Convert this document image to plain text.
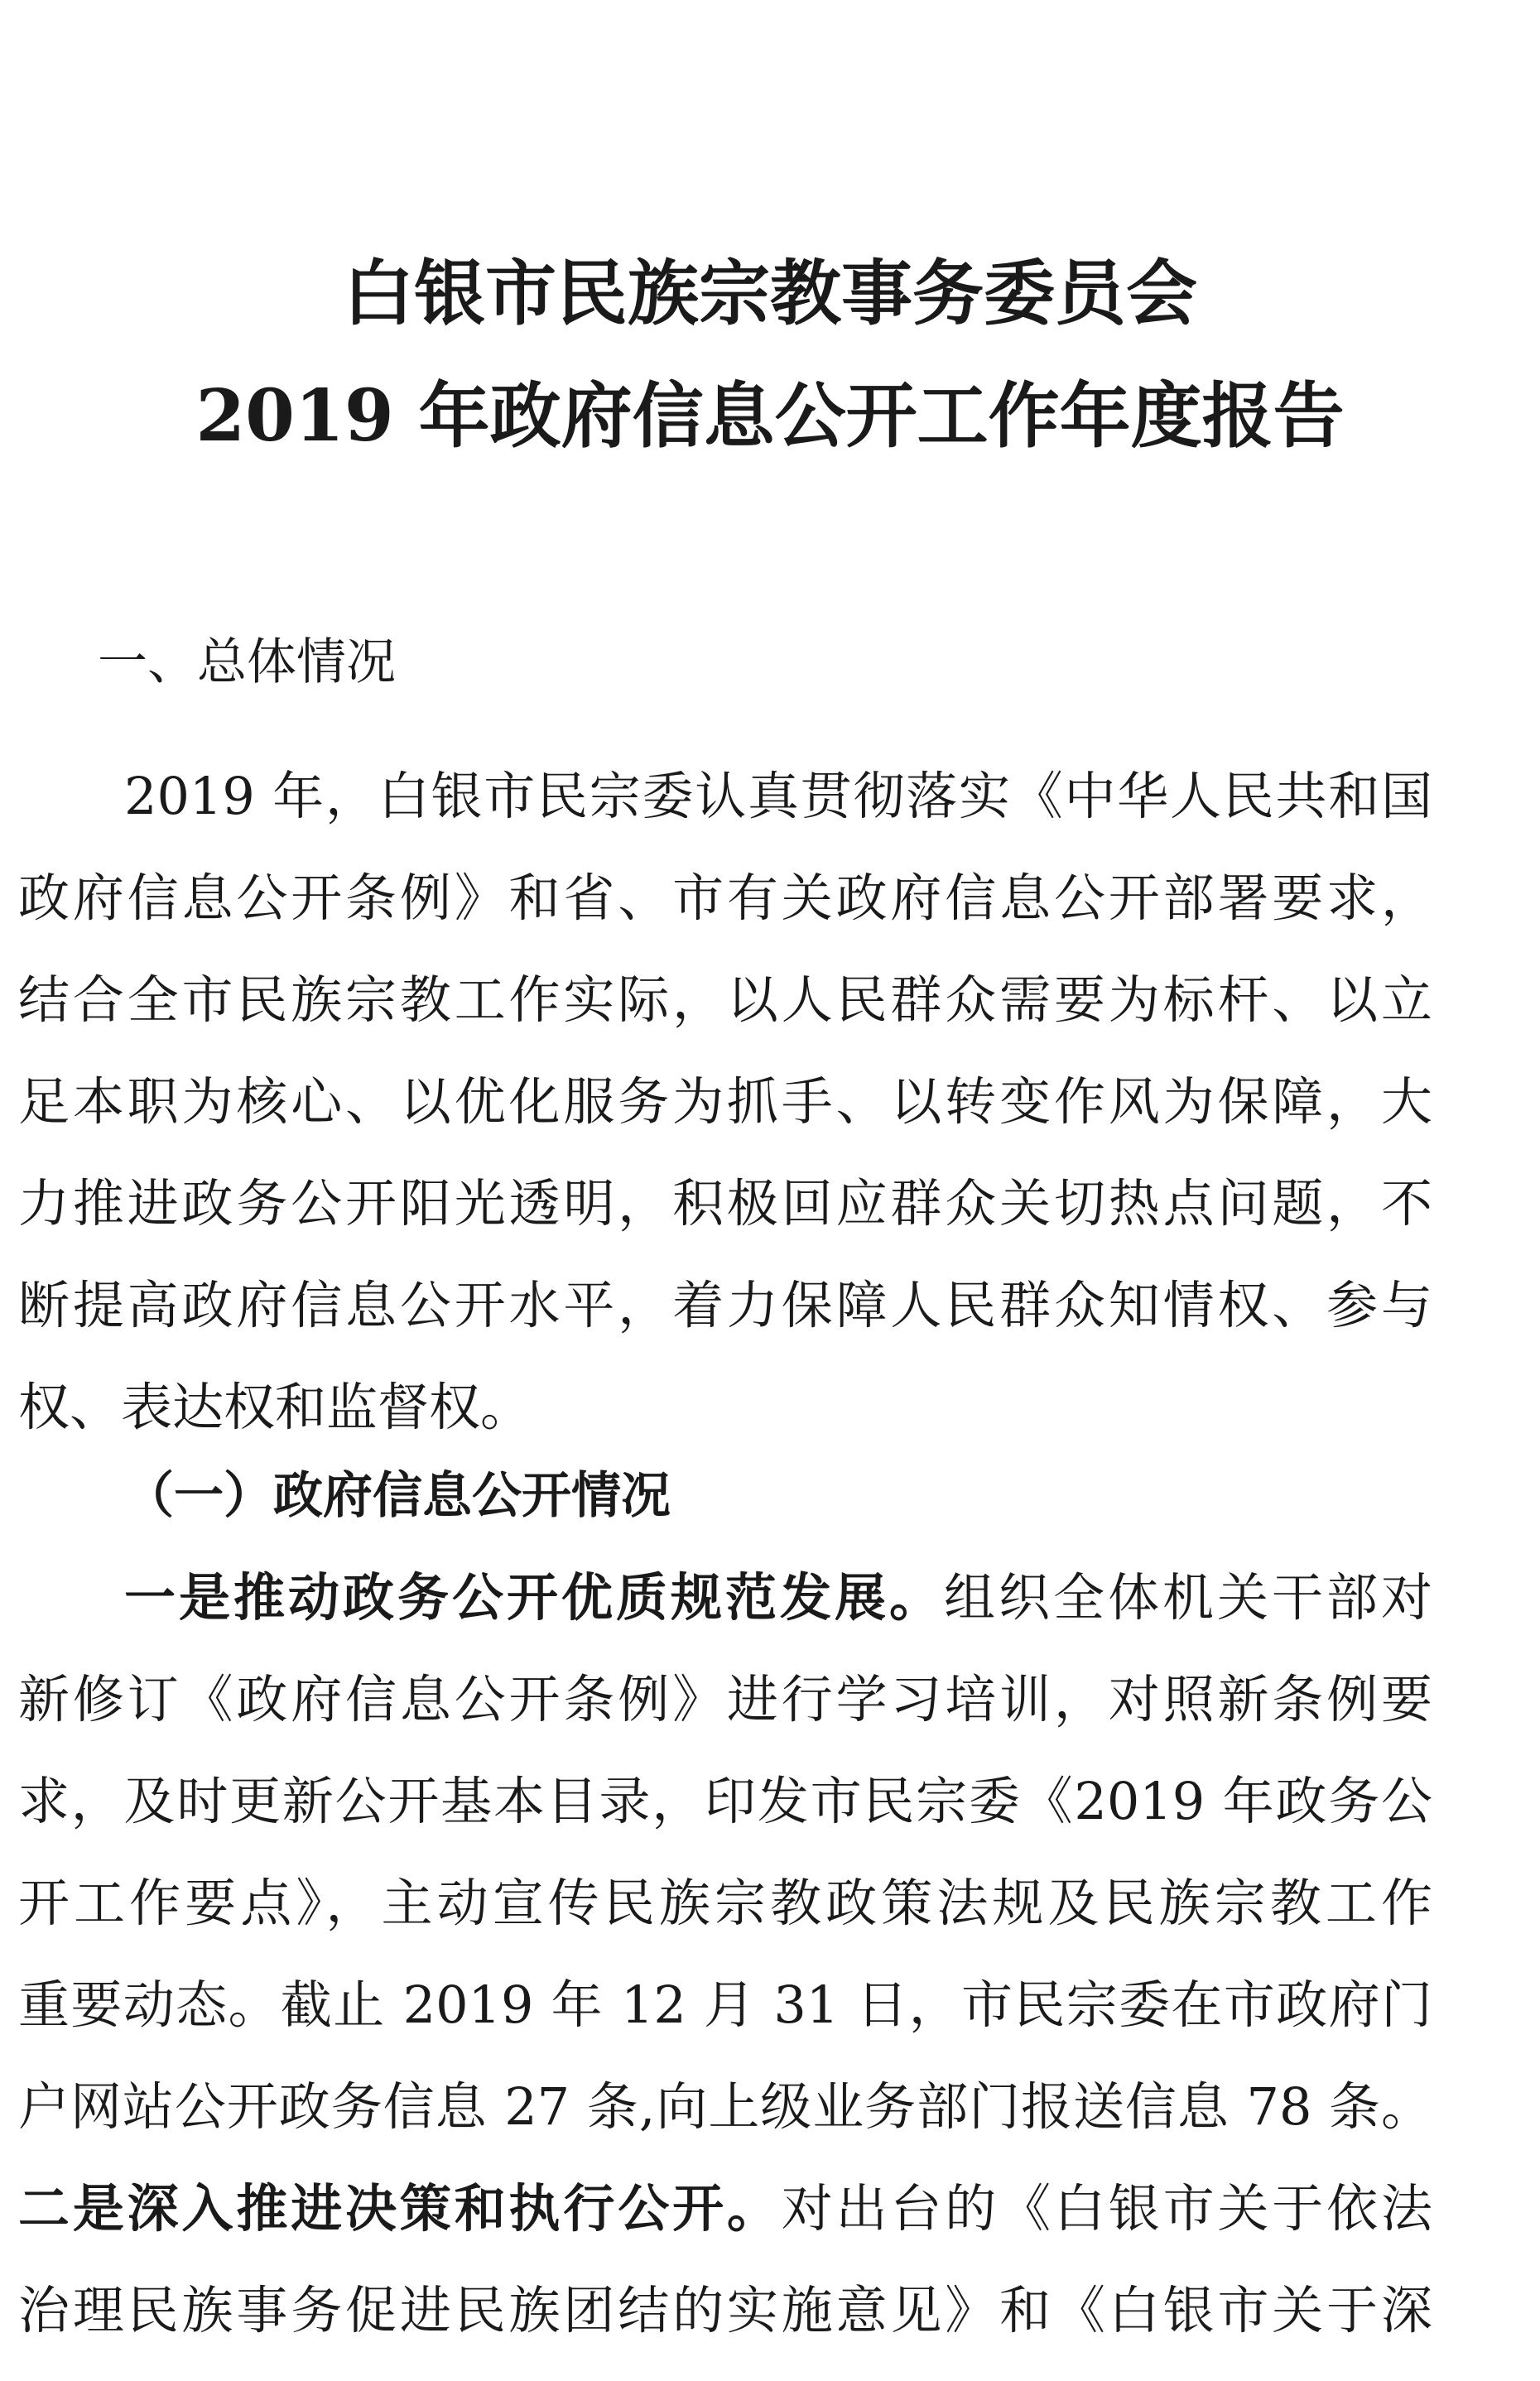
白银市民族宗教事务委员会
2019 年政府信息公开工作年度报告
一、总体情况
2019 年，白银市民宗委认真贯彻落实《中华人民共和国
政府信息公开条例》和省、市有关政府信息公开部署要求，
结合全市民族宗教工作实际，以人民群众需要为标杆、以立
足本职为核心、以优化服务为抓手、以转变作风为保障，大
力推进政务公开阳光透明，积极回应群众关切热点问题，不
断提高政府信息公开水平，着力保障人民群众知情权、参与
权、表达权和监督权。
（一）政府信息公开情况
一是推动政务公开优质规范发展。组织全体机关干部对
新修订《政府信息公开条例》进行学习培训，对照新条例要
求，及时更新公开基本目录，印发市民宗委《2019 年政务公
开工作要点》，主动宣传民族宗教政策法规及民族宗教工作
重要动态。截止 2019 年 12 月 31 日，市民宗委在市政府门
户网站公开政务信息 27 条,向上级业务部门报送信息 78 条。
二是深入推进决策和执行公开。对出台的《白银市关于依法
治理民族事务促进民族团结的实施意见》和《白银市关于深
